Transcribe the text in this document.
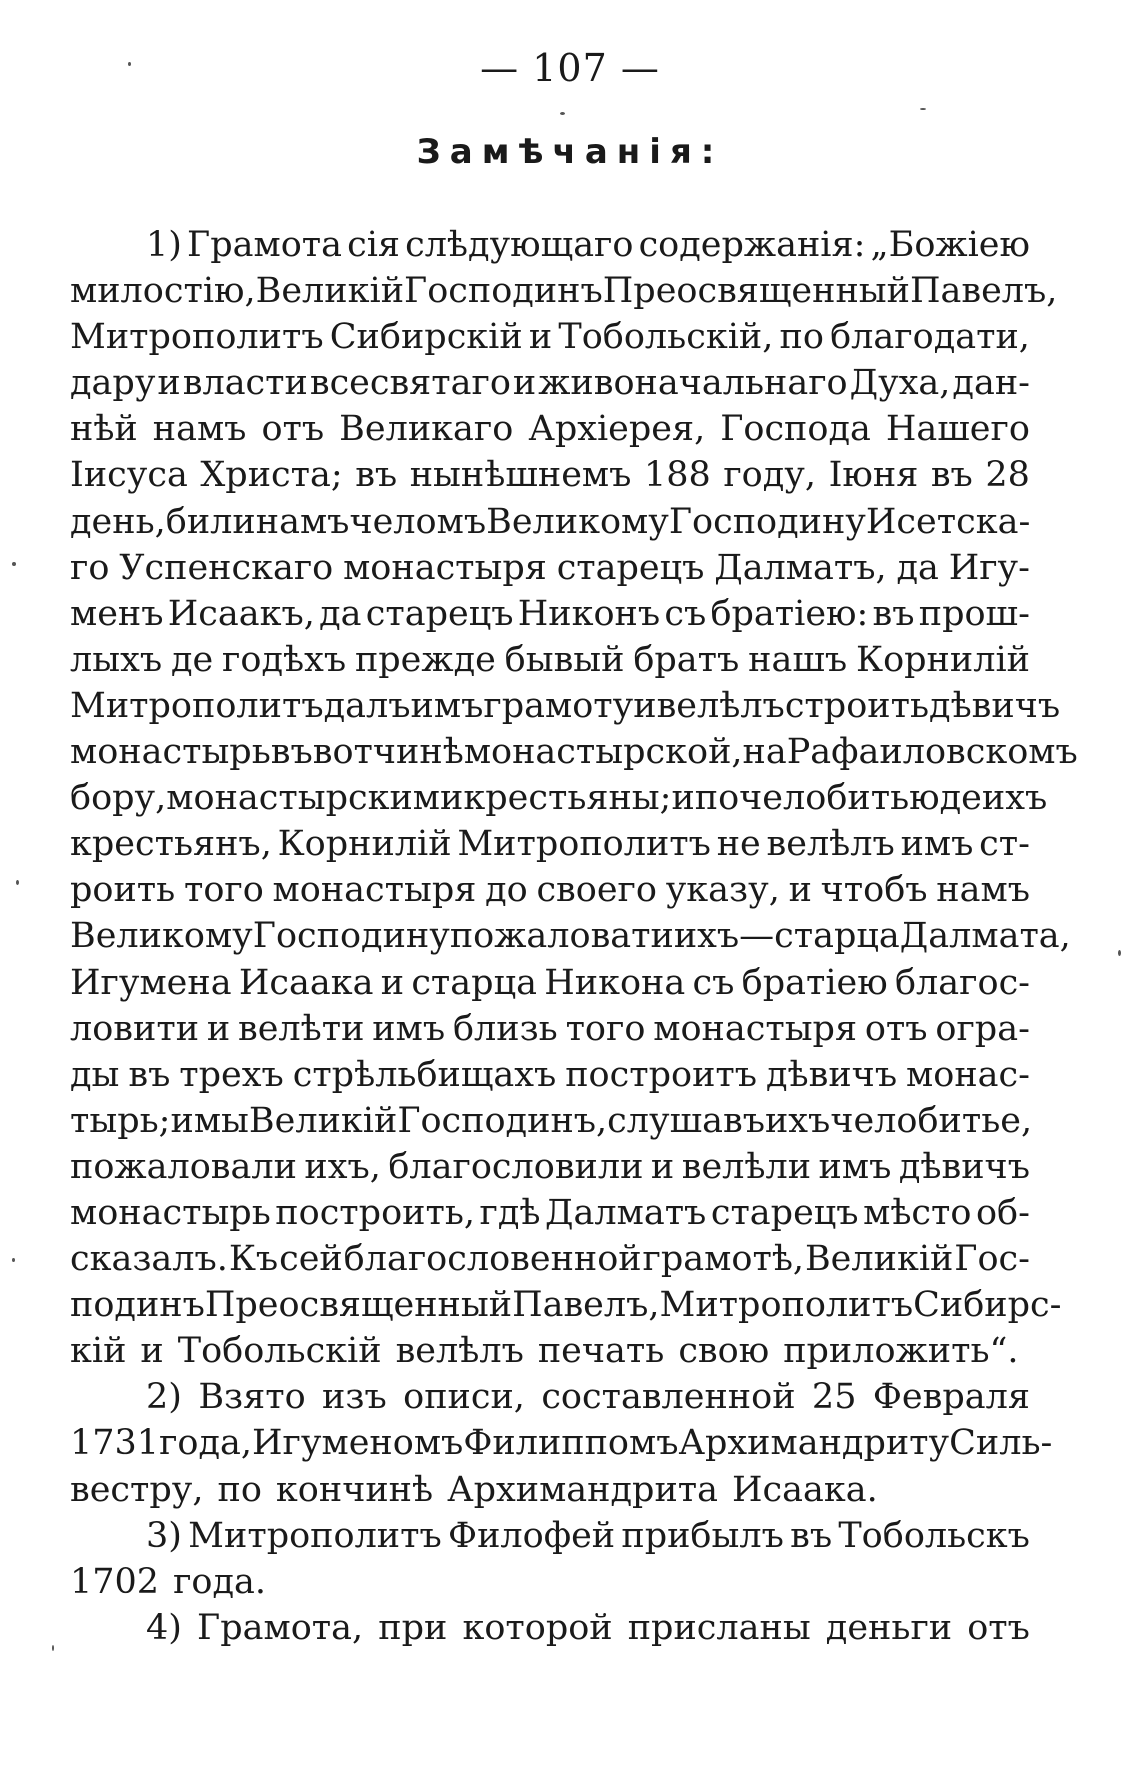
— 107 —
Замѣчанія:
1) Грамота сія слѣдующаго содержанія: „Божіею
милостію, Великій Господинъ Преосвященный Павелъ,
Митрополитъ Сибирскій и Тобольскій, по благодати,
дару и власти всесвятаго и живоначальнаго Духа, дан-
нѣй намъ отъ Великаго Архіерея, Господа Нашего
Іисуса Христа; въ нынѣшнемъ 188 году, Іюня въ 28
день, били намъ челомъ Великому Господину Исетска-
го Успенскаго монастыря старецъ Далматъ, да Игу-
менъ Исаакъ, да старецъ Никонъ съ братіею: въ прош-
лыхъ де годѣхъ прежде бывый братъ нашъ Корнилій
Митрополитъ далъ имъ грамоту и велѣлъ строить дѣвичъ
монастырь въ вотчинѣ монастырской, на Рафаиловскомъ
бору, монастырскими крестьяны; и по челобитью де ихъ
крестьянъ, Корнилій Митрополитъ не велѣлъ имъ ст-
роить того монастыря до своего указу, и чтобъ намъ
Великому Господину пожаловати ихъ—старца Далмата,
Игумена Исаака и старца Никона съ братіею благос-
ловити и велѣти имъ близь того монастыря отъ огра-
ды въ трехъ стрѣльбищахъ построитъ дѣвичъ монас-
тырь; и мы Великій Господинъ, слушавъ ихъ челобитье,
пожаловали ихъ, благословили и велѣли имъ дѣвичъ
монастырь построить, гдѣ Далматъ старецъ мѣсто об-
сказалъ. Къ сей благословенной грамотѣ, Великій Гос-
подинъ Преосвященный Павелъ, Митрополитъ Сибирс-
кій и Тобольскій велѣлъ печать свою приложить“.
2) Взято изъ описи, составленной 25 Февраля
1731 года, Игуменомъ Филиппомъ Архимандриту Силь-
вестру, по кончинѣ Архимандрита Исаака.
3) Митрополитъ Филофей прибылъ въ Тобольскъ
1702 года.
4) Грамота, при которой присланы деньги отъ
